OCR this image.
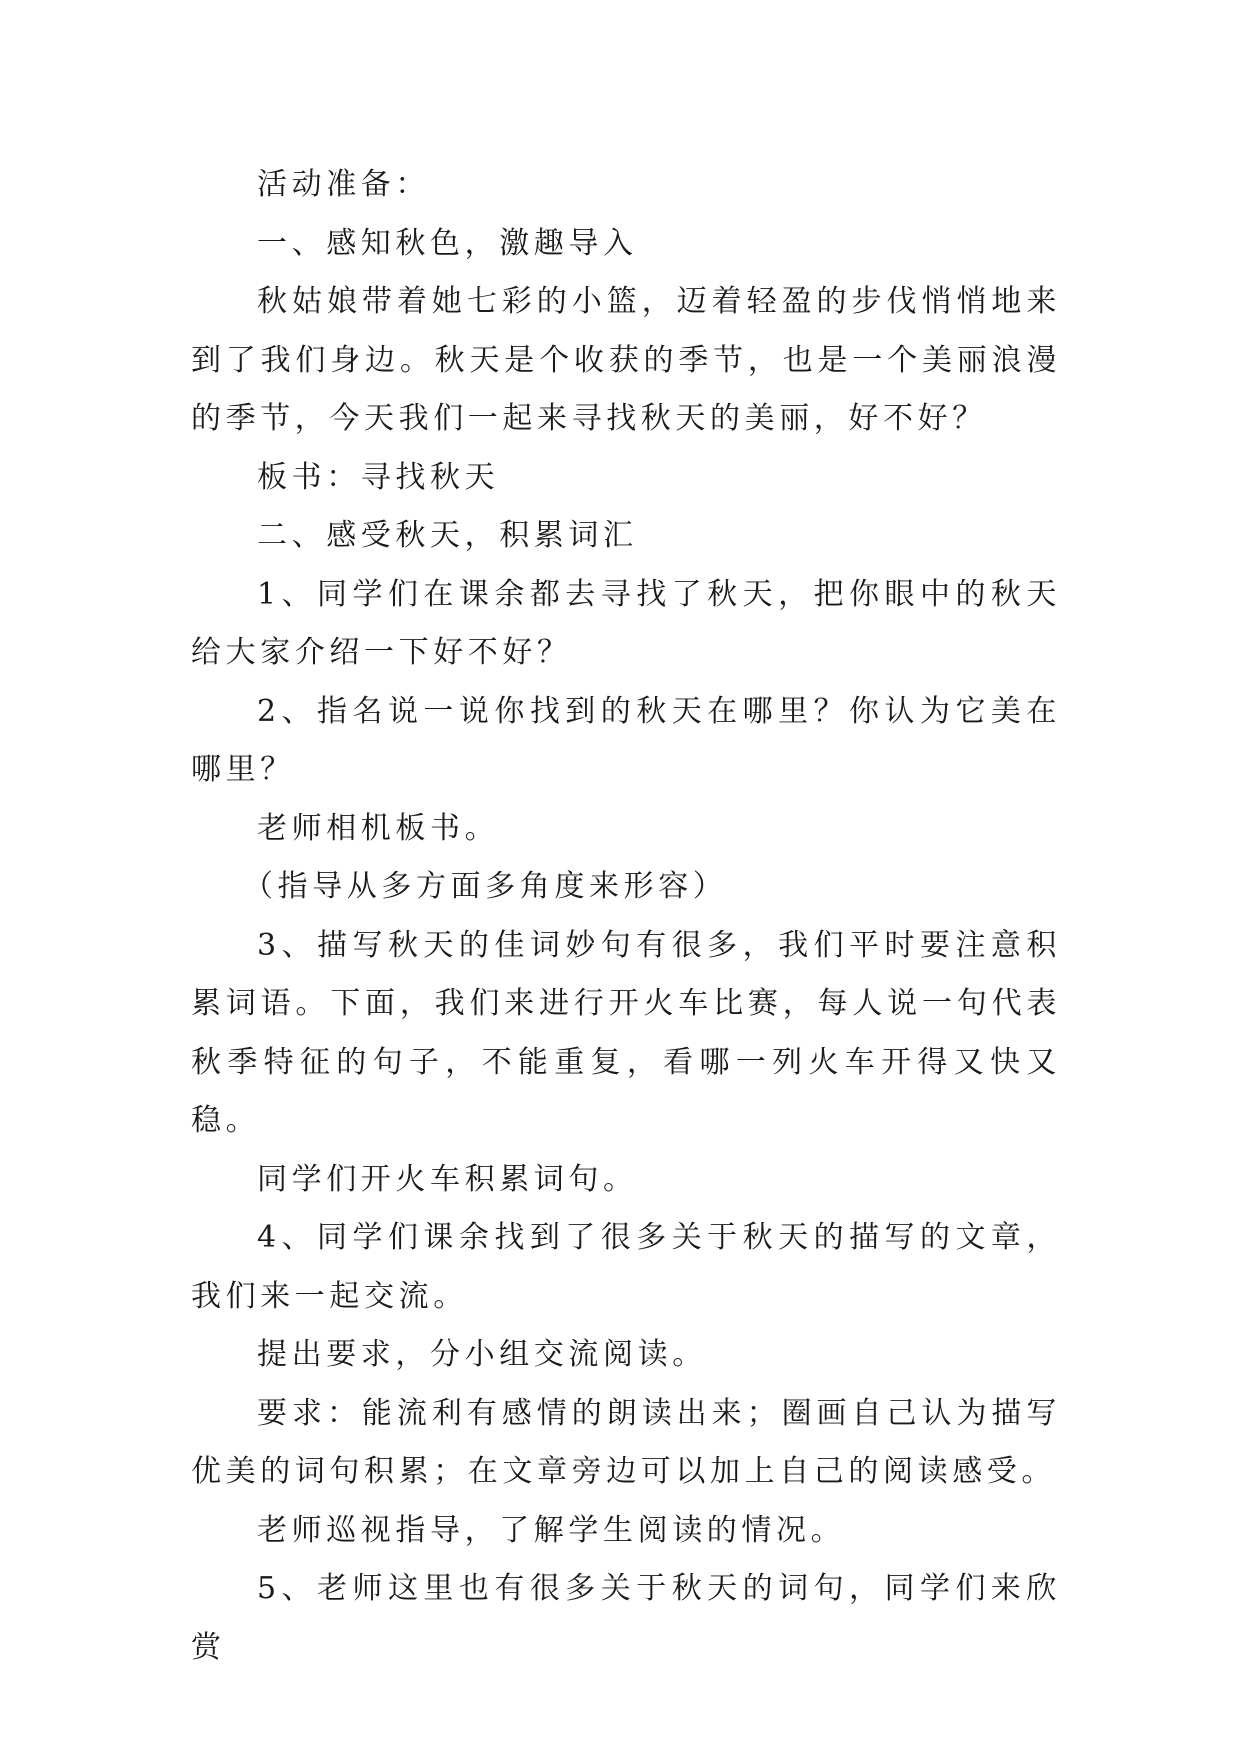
活动准备：

一、感知秋色，激趣导入

秋姑娘带着她七彩的小篮，迈着轻盈的步伐悄悄地来到了我们身边。秋天是个收获的季节，也是一个美丽浪漫的季节，今天我们一起来寻找秋天的美丽，好不好？

板书：寻找秋天

二、感受秋天，积累词汇

1、同学们在课余都去寻找了秋天，把你眼中的秋天给大家介绍一下好不好？

2、指名说一说你找到的秋天在哪里？你认为它美在哪里？

老师相机板书。

（指导从多方面多角度来形容）

3、描写秋天的佳词妙句有很多，我们平时要注意积累词语。下面，我们来进行开火车比赛，每人说一句代表秋季特征的句子，不能重复，看哪一列火车开得又快又稳。

同学们开火车积累词句。

4、同学们课余找到了很多关于秋天的描写的文章，我们来一起交流。

提出要求，分小组交流阅读。

要求：能流利有感情的朗读出来；圈画自己认为描写优美的词句积累；在文章旁边可以加上自己的阅读感受。

老师巡视指导，了解学生阅读的情况。

5、老师这里也有很多关于秋天的词句，同学们来欣赏
